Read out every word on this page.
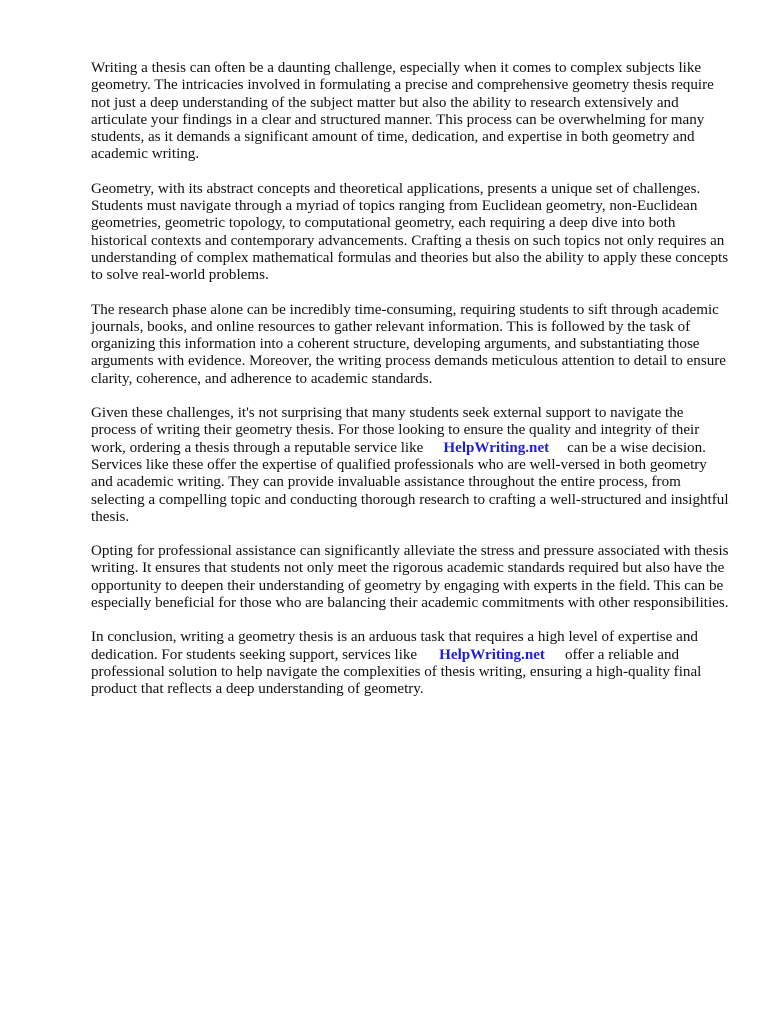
Writing a thesis can often be a daunting challenge, especially when it comes to complex subjects like geometry. The intricacies involved in formulating a precise and comprehensive geometry thesis require not just a deep understanding of the subject matter but also the ability to research extensively and articulate your findings in a clear and structured manner. This process can be overwhelming for many students, as it demands a significant amount of time, dedication, and expertise in both geometry and academic writing.

Geometry, with its abstract concepts and theoretical applications, presents a unique set of challenges. Students must navigate through a myriad of topics ranging from Euclidean geometry, non-Euclidean geometries, geometric topology, to computational geometry, each requiring a deep dive into both historical contexts and contemporary advancements. Crafting a thesis on such topics not only requires an understanding of complex mathematical formulas and theories but also the ability to apply these concepts to solve real-world problems.

The research phase alone can be incredibly time-consuming, requiring students to sift through academic journals, books, and online resources to gather relevant information. This is followed by the task of organizing this information into a coherent structure, developing arguments, and substantiating those arguments with evidence. Moreover, the writing process demands meticulous attention to detail to ensure clarity, coherence, and adherence to academic standards.

Given these challenges, it's not surprising that many students seek external support to navigate the process of writing their geometry thesis. For those looking to ensure the quality and integrity of their work, ordering a thesis through a reputable service like HelpWriting.net can be a wise decision. Services like these offer the expertise of qualified professionals who are well-versed in both geometry and academic writing. They can provide invaluable assistance throughout the entire process, from selecting a compelling topic and conducting thorough research to crafting a well-structured and insightful thesis.

Opting for professional assistance can significantly alleviate the stress and pressure associated with thesis writing. It ensures that students not only meet the rigorous academic standards required but also have the opportunity to deepen their understanding of geometry by engaging with experts in the field. This can be especially beneficial for those who are balancing their academic commitments with other responsibilities.

In conclusion, writing a geometry thesis is an arduous task that requires a high level of expertise and dedication. For students seeking support, services like HelpWriting.net offer a reliable and professional solution to help navigate the complexities of thesis writing, ensuring a high-quality final product that reflects a deep understanding of geometry.
